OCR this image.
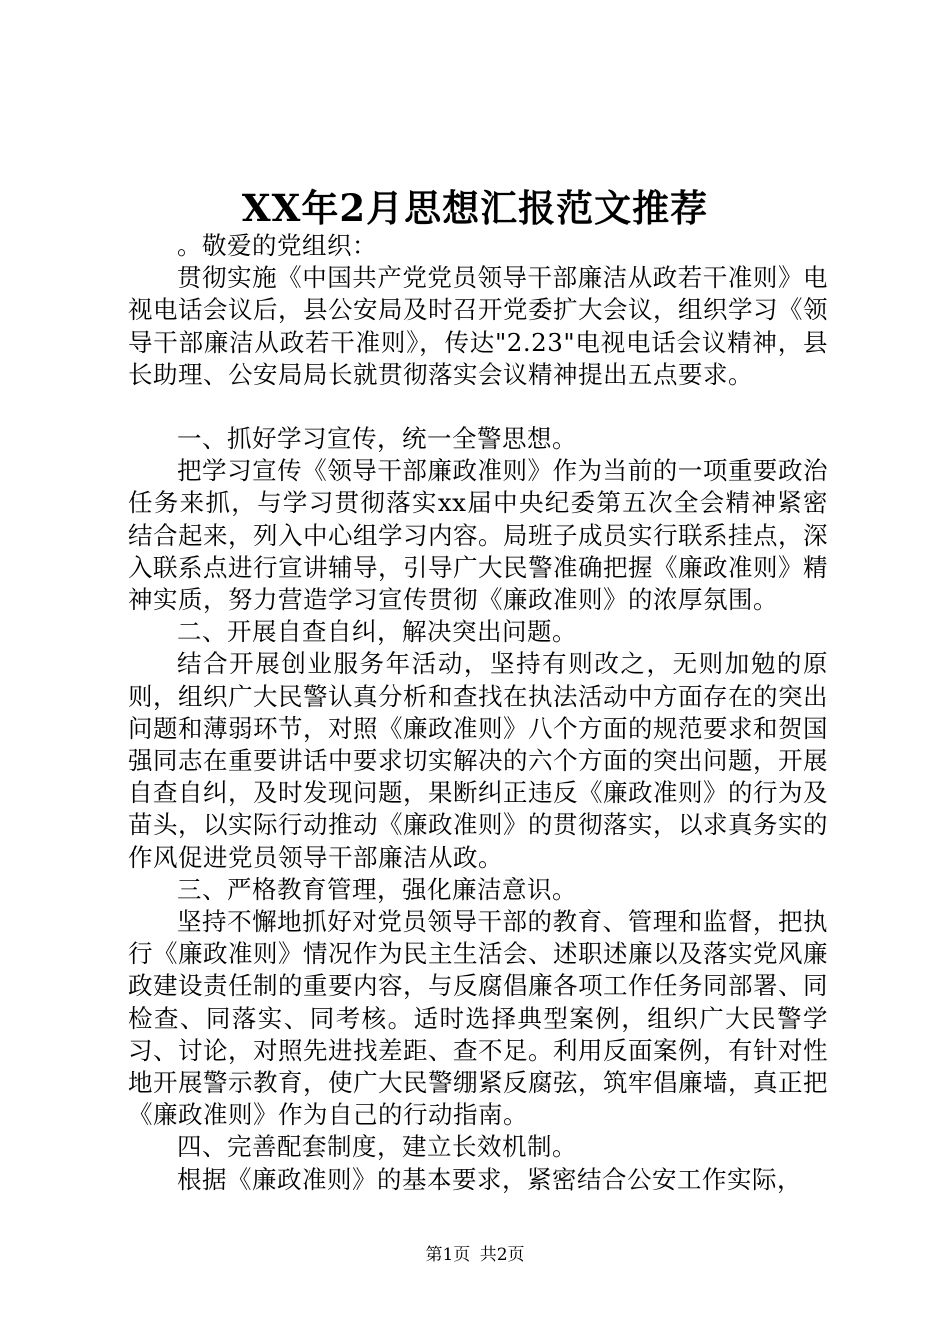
XX年2月思想汇报范文推荐

。敬爱的党组织：

贯彻实施《中国共产党党员领导干部廉洁从政若干准则》电视电话会议后，县公安局及时召开党委扩大会议，组织学习《领导干部廉洁从政若干准则》，传达"2.23"电视电话会议精神，县长助理、公安局局长就贯彻落实会议精神提出五点要求。

一、抓好学习宣传，统一全警思想。

把学习宣传《领导干部廉政准则》作为当前的一项重要政治任务来抓，与学习贯彻落实xx届中央纪委第五次全会精神紧密结合起来，列入中心组学习内容。局班子成员实行联系挂点，深入联系点进行宣讲辅导，引导广大民警准确把握《廉政准则》精神实质，努力营造学习宣传贯彻《廉政准则》的浓厚氛围。

二、开展自查自纠，解决突出问题。

结合开展创业服务年活动，坚持有则改之，无则加勉的原则，组织广大民警认真分析和查找在执法活动中方面存在的突出问题和薄弱环节，对照《廉政准则》八个方面的规范要求和贺国强同志在重要讲话中要求切实解决的六个方面的突出问题，开展自查自纠，及时发现问题，果断纠正违反《廉政准则》的行为及苗头，以实际行动推动《廉政准则》的贯彻落实，以求真务实的作风促进党员领导干部廉洁从政。

三、严格教育管理，强化廉洁意识。

坚持不懈地抓好对党员领导干部的教育、管理和监督，把执行《廉政准则》情况作为民主生活会、述职述廉以及落实党风廉政建设责任制的重要内容，与反腐倡廉各项工作任务同部署、同检查、同落实、同考核。适时选择典型案例，组织广大民警学习、讨论，对照先进找差距、查不足。利用反面案例，有针对性地开展警示教育，使广大民警绷紧反腐弦，筑牢倡廉墙，真正把《廉政准则》作为自己的行动指南。

四、完善配套制度，建立长效机制。

根据《廉政准则》的基本要求，紧密结合公安工作实际，

第1页 共2页
